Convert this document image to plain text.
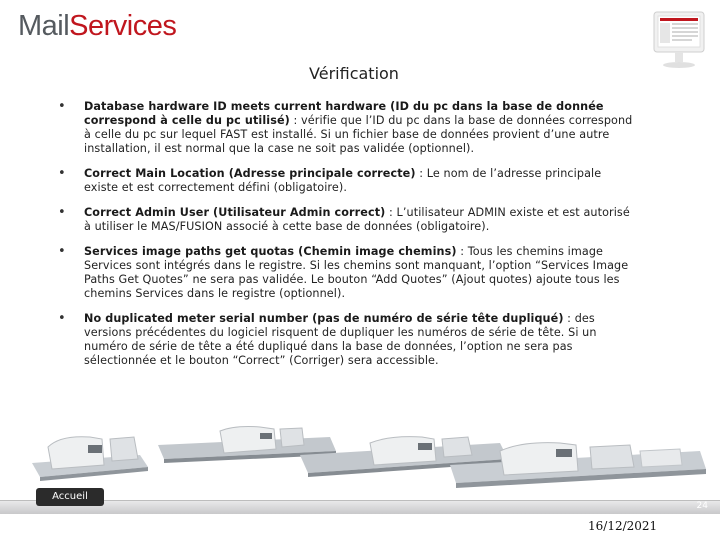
MailServices
Vérification
•	Database hardware ID meets current hardware (ID du pc dans la base de donnée correspond à celle du pc utilisé) : vérifie que l’ID du pc dans la base de données correspond à celle du pc sur lequel FAST est installé. Si un fichier base de données provient d’une autre installation, il est normal que la case ne soit pas validée (optionnel).
•	Correct Main Location (Adresse principale correcte) : Le nom de l’adresse principale existe et est correctement défini (obligatoire).
•	Correct Admin User (Utilisateur Admin correct) : L’utilisateur ADMIN existe et est autorisé à utiliser le MAS/FUSION associé à cette base de données (obligatoire).
•	Services image paths get quotas (Chemin image chemins) : Tous les chemins image Services sont intégrés dans le registre. Si les chemins sont manquant, l’option “Services Image Paths Get Quotes” ne sera pas validée. Le bouton “Add Quotes” (Ajout quotes) ajoute tous les chemins Services dans le registre (optionnel).
•	No duplicated meter serial number (pas de numéro de série tête dupliqué) : des versions précédentes du logiciel risquent de dupliquer les numéros de série de tête. Si un numéro de série de tête a été dupliqué dans la base de données, l’option ne sera pas sélectionnée et le bouton “Correct” (Corriger) sera accessible.
Accueil
24
16/12/2021
